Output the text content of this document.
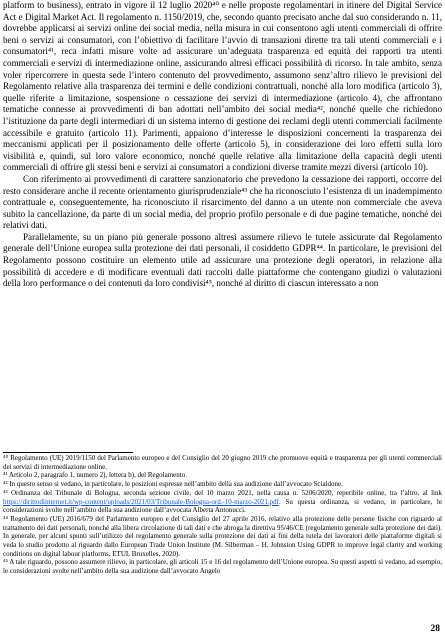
platform to business), entrato in vigore il 12 luglio 2020⁴⁰ e nelle proposte regolamentari in itinere del Digital Service Act e Digital Market Act. Il regolamento n. 1150/2019, che, secondo quanto precisato anche dal suo considerando n. 11, dovrebbe applicarsi ai servizi online dei social media, nella misura in cui consentono agli utenti commerciali di offrire beni o servizi ai consumatori, con l’obiettivo di facilitare l’avvio di transazioni dirette tra tali utenti commerciali e i consumatori⁴¹, reca infatti misure volte ad assicurare un’adeguata trasparenza ed equità dei rapporti tra utenti commerciali e servizi di intermediazione online, assicurando altresì efficaci possibilità di ricorso. In tale ambito, senza voler ripercorrere in questa sede l’intero contenuto del provvedimento, assumono senz’altro rilievo le previsioni del Regolamento relative alla trasparenza dei termini e delle condizioni contrattuali, nonché alla loro modifica (articolo 3), quelle riferite a limitazione, sospensione o cessazione dei servizi di intermediazione (articolo 4), che affrontano tematiche connesse ai provvedimenti di ban adottati nell’ambito dei social media⁴², nonché quelle che richiedono l’istituzione da parte degli intermediari di un sistema interno di gestione dei reclami degli utenti commerciali facilmente accessibile e gratuito (articolo 11). Parimenti, appaiono d’interesse le disposizioni concernenti la trasparenza dei meccanismi applicati per il posizionamento delle offerte (articolo 5), in considerazione dei loro effetti sulla loro visibilità e, quindi, sul loro valore economico, nonché quelle relative alla limitazione della capacità degli utenti commerciali di offrire gli stessi beni e servizi ai consumatori a condizioni diverse tramite mezzi diversi (articolo 10).

Con riferimento ai provvedimenti di carattere sanzionatorio che prevedono la cessazione dei rapporti, occorre del resto considerare anche il recente orientamento giurisprudenziale⁴³ che ha riconosciuto l’esistenza di un inadempimento contrattuale e, conseguentemente, ha riconosciuto il risarcimento del danno a un utente non commerciale che aveva subito la cancellazione, da parte di un social media, del proprio profilo personale e di due pagine tematiche, nonché dei relativi dati.

Parallelamente, su un piano più generale possono altresì assumere rilievo le tutele assicurate dal Regolamento generale dell’Unione europea sulla protezione dei dati personali, il cosiddetto GDPR⁴⁴. In particolare, le previsioni del Regolamento possono costituire un elemento utile ad assicurare una protezione degli operatori, in relazione alla possibilità di accedere e di modificare eventuali dati raccolti dalle piattaforme che contengano giudizi o valutazioni della loro performance o dei contenuti da loro condivisi⁴⁵, nonché al diritto di ciascun interessato a non

⁴⁰ Regolamento (UE) 2019/1150 del Parlamento europeo e del Consiglio del 20 giugno 2019 che promuove equità e trasparenza per gli utenti commerciali dei servizi di intermediazione online.

⁴¹ Articolo 2, paragrafo 1, numero 2), lettera b), del Regolamento.

⁴² In questo senso si vedano, in particolare, le posizioni espresse nell’ambito della sua audizione dall’avvocato Scialdone.

⁴³ Ordinanza del Tribunale di Bologna, seconda sezione civile, del 10 marzo 2021, nella causa n. 5206/2020, reperibile online, tra l’altro, al link https://dirittodiinternet.it/wp-content/uploads/2021/03/Tribunale-Bologna-ord.-10-marzo-2021.pdf. Su questa ordinanza, si vedano, in particolare, le considerazioni svolte nell’ambito della sua audizione dall’avvocata Alberta Antonucci.

⁴⁴ Regolamento (UE) 2016/679 del Parlamento europeo e del Consiglio del 27 aprile 2016, relativo alla protezione delle persone fisiche con riguardo al trattamento dei dati personali, nonché alla libera circolazione di tali dati e che abroga la direttiva 95/46/CE (regolamento generale sulla protezione dei dati). In generale, per alcuni spunti sull’utilizzo del regolamento generale sulla protezione dei dati ai fini della tutela dei lavoratori delle piattaforme digitali si veda lo studio prodotto al riguardo dallo European Trade Union Institute (M. Silberman – H. Johnston Using GDPR to improve legal clarity and working conditions on digital labour platforms, ETUI, Bruxelles, 2020).

⁴⁵ A tale riguardo, possono assumere rilievo, in particolare, gli articoli 15 e 16 del regolamento dell’Unione europea. Su questi aspetti si vedano, ad esempio, le considerazioni svolte nell’ambito della sua audizione dall’avvocato Angelo

28
